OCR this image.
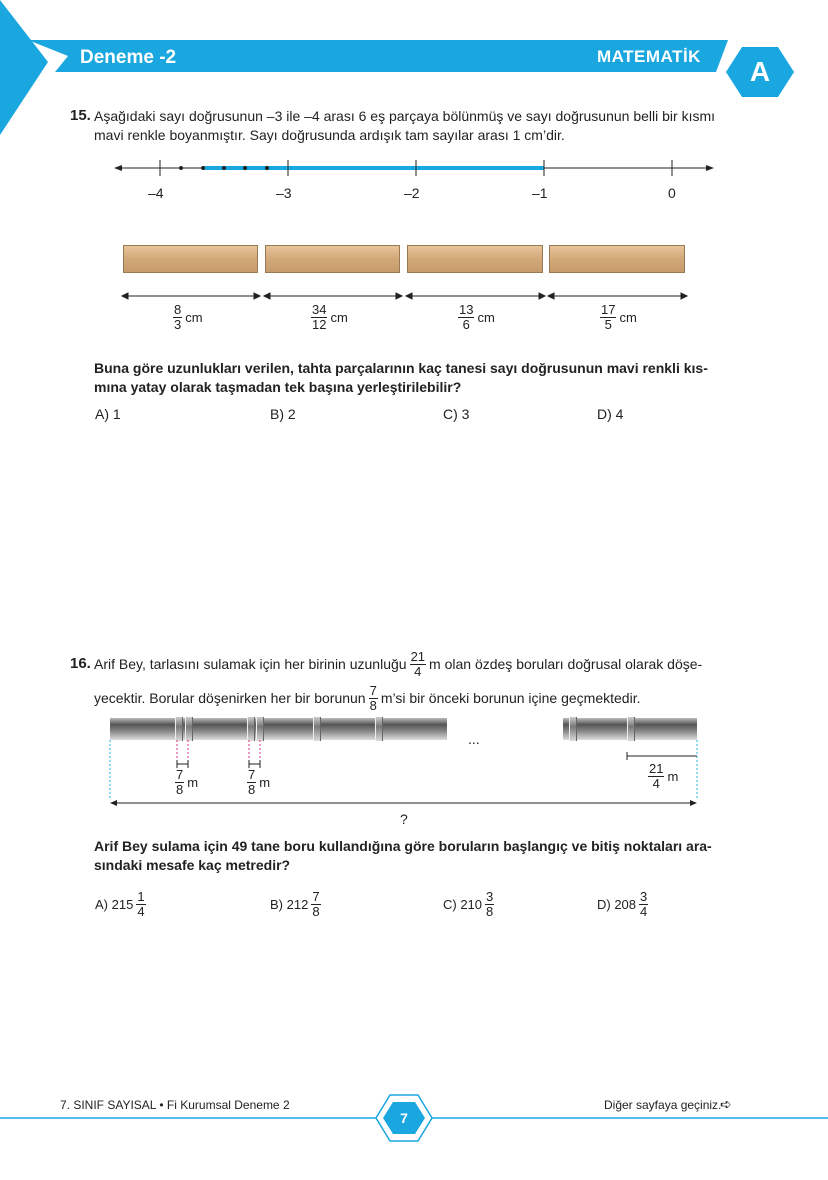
Deneme -2	MATEMATİK A
15. Aşağıdaki sayı doğrusunun –3 ile –4 arası 6 eş parçaya bölünmüş ve sayı doğrusunun belli bir kısmı
mavi renkle boyanmıştır. Sayı doğrusunda ardışık tam sayılar arası 1 cm’dir.
–4	–3	–2	–1	0
$\frac{8}{3}$ cm	$\frac{34}{12}$ cm	$\frac{13}{6}$ cm	$\frac{17}{5}$ cm
Buna göre uzunlukları verilen, tahta parçalarının kaç tanesi sayı doğrusunun mavi renkli kıs-
mına yatay olarak taşmadan tek başına yerleştirilebilir?
A) 1	B) 2	C) 3	D) 4
16. Arif Bey, tarlasını sulamak için her birinin uzunluğu $\frac{21}{4}$ m olan özdeş boruları doğrusal olarak döşe-
yecektir. Borular döşenirken her bir borunun $\frac{7}{8}$ m’si bir önceki borunun içine geçmektedir.
...
$\frac{7}{8}$ m	$\frac{7}{8}$ m	$\frac{21}{4}$ m
?
Arif Bey sulama için 49 tane boru kullandığına göre boruların başlangıç ve bitiş noktaları ara-
sındaki mesafe kaç metredir?
A) $215 \frac{1}{4}$	B) $212 \frac{7}{8}$	C) $210 \frac{3}{8}$	D) $208 \frac{3}{4}$
7. SINIF SAYISAL • Fi Kurumsal Deneme 2
7
Diğer sayfaya geçiniz.
➪
